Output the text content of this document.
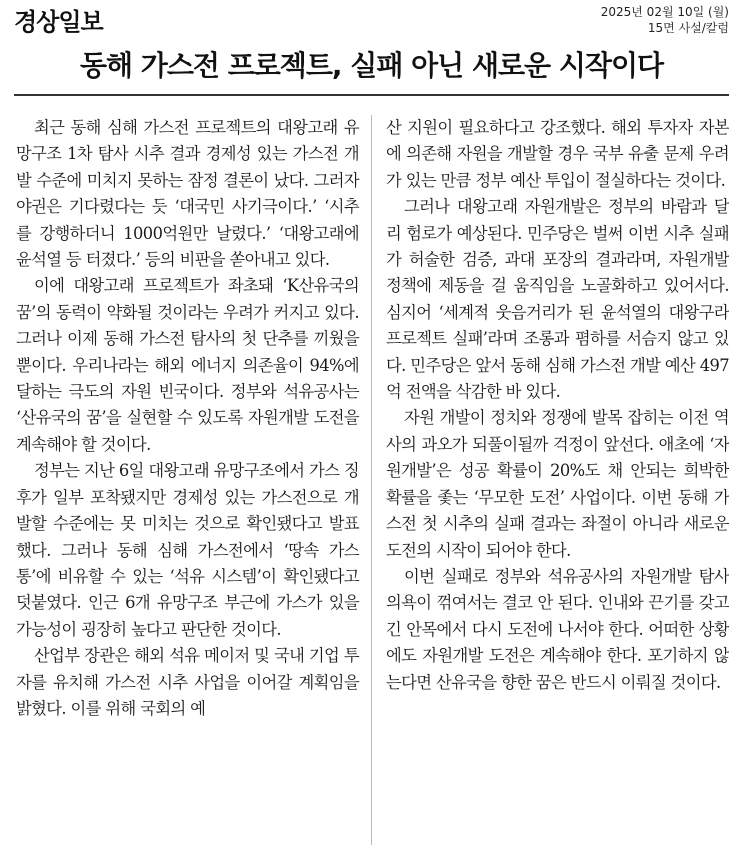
경상일보	2025년 02월 10일 (월)
15면 사설/칼럼
동해 가스전 프로젝트, 실패 아닌 새로운 시작이다

최근 동해 심해 가스전 프로젝트의 대왕고래 유망구조 1차 탐사 시추 결과 경제성 있는 가스전 개발 수준에 미치지 못하는 잠정 결론이 났다. 그러자 야권은 기다렸다는 듯 ‘대국민 사기극이다.’ ‘시추를 강행하더니 1000억원만 날렸다.’ ‘대왕고래에 윤석열 등 터졌다.’ 등의 비판을 쏟아내고 있다.

이에 대왕고래 프로젝트가 좌초돼 ‘K산유국의 꿈’의 동력이 약화될 것이라는 우려가 커지고 있다. 그러나 이제 동해 가스전 탐사의 첫 단추를 끼웠을 뿐이다. 우리나라는 해외 에너지 의존율이 94%에 달하는 극도의 자원 빈국이다. 정부와 석유공사는 ‘산유국의 꿈’을 실현할 수 있도록 자원개발 도전을 계속해야 할 것이다.

정부는 지난 6일 대왕고래 유망구조에서 가스 징후가 일부 포착됐지만 경제성 있는 가스전으로 개발할 수준에는 못 미치는 것으로 확인됐다고 발표했다. 그러나 동해 심해 가스전에서 ‘땅속 가스통’에 비유할 수 있는 ‘석유 시스템’이 확인됐다고 덧붙였다. 인근 6개 유망구조 부근에 가스가 있을 가능성이 굉장히 높다고 판단한 것이다.

산업부 장관은 해외 석유 메이저 및 국내 기업 투자를 유치해 가스전 시추 사업을 이어갈 계획임을 밝혔다. 이를 위해 국회의 예

산 지원이 필요하다고 강조했다. 해외 투자자 자본에 의존해 자원을 개발할 경우 국부 유출 문제 우려가 있는 만큼 정부 예산 투입이 절실하다는 것이다.

그러나 대왕고래 자원개발은 정부의 바람과 달리 험로가 예상된다. 민주당은 벌써 이번 시추 실패가 허술한 검증, 과대 포장의 결과라며, 자원개발 정책에 제동을 걸 움직임을 노골화하고 있어서다. 심지어 ‘세계적 웃음거리가 된 윤석열의 대왕구라 프로젝트 실패’라며 조롱과 폄하를 서슴지 않고 있다. 민주당은 앞서 동해 심해 가스전 개발 예산 497억 전액을 삭감한 바 있다.

자원 개발이 정치와 정쟁에 발목 잡히는 이전 역사의 과오가 되풀이될까 걱정이 앞선다. 애초에 ‘자원개발’은 성공 확률이 20%도 채 안되는 희박한 확률을 좇는 ‘무모한 도전’ 사업이다. 이번 동해 가스전 첫 시추의 실패 결과는 좌절이 아니라 새로운 도전의 시작이 되어야 한다.

이번 실패로 정부와 석유공사의 자원개발 탐사 의욕이 꺾여서는 결코 안 된다. 인내와 끈기를 갖고 긴 안목에서 다시 도전에 나서야 한다. 어떠한 상황에도 자원개발 도전은 계속해야 한다. 포기하지 않는다면 산유국을 향한 꿈은 반드시 이뤄질 것이다.
